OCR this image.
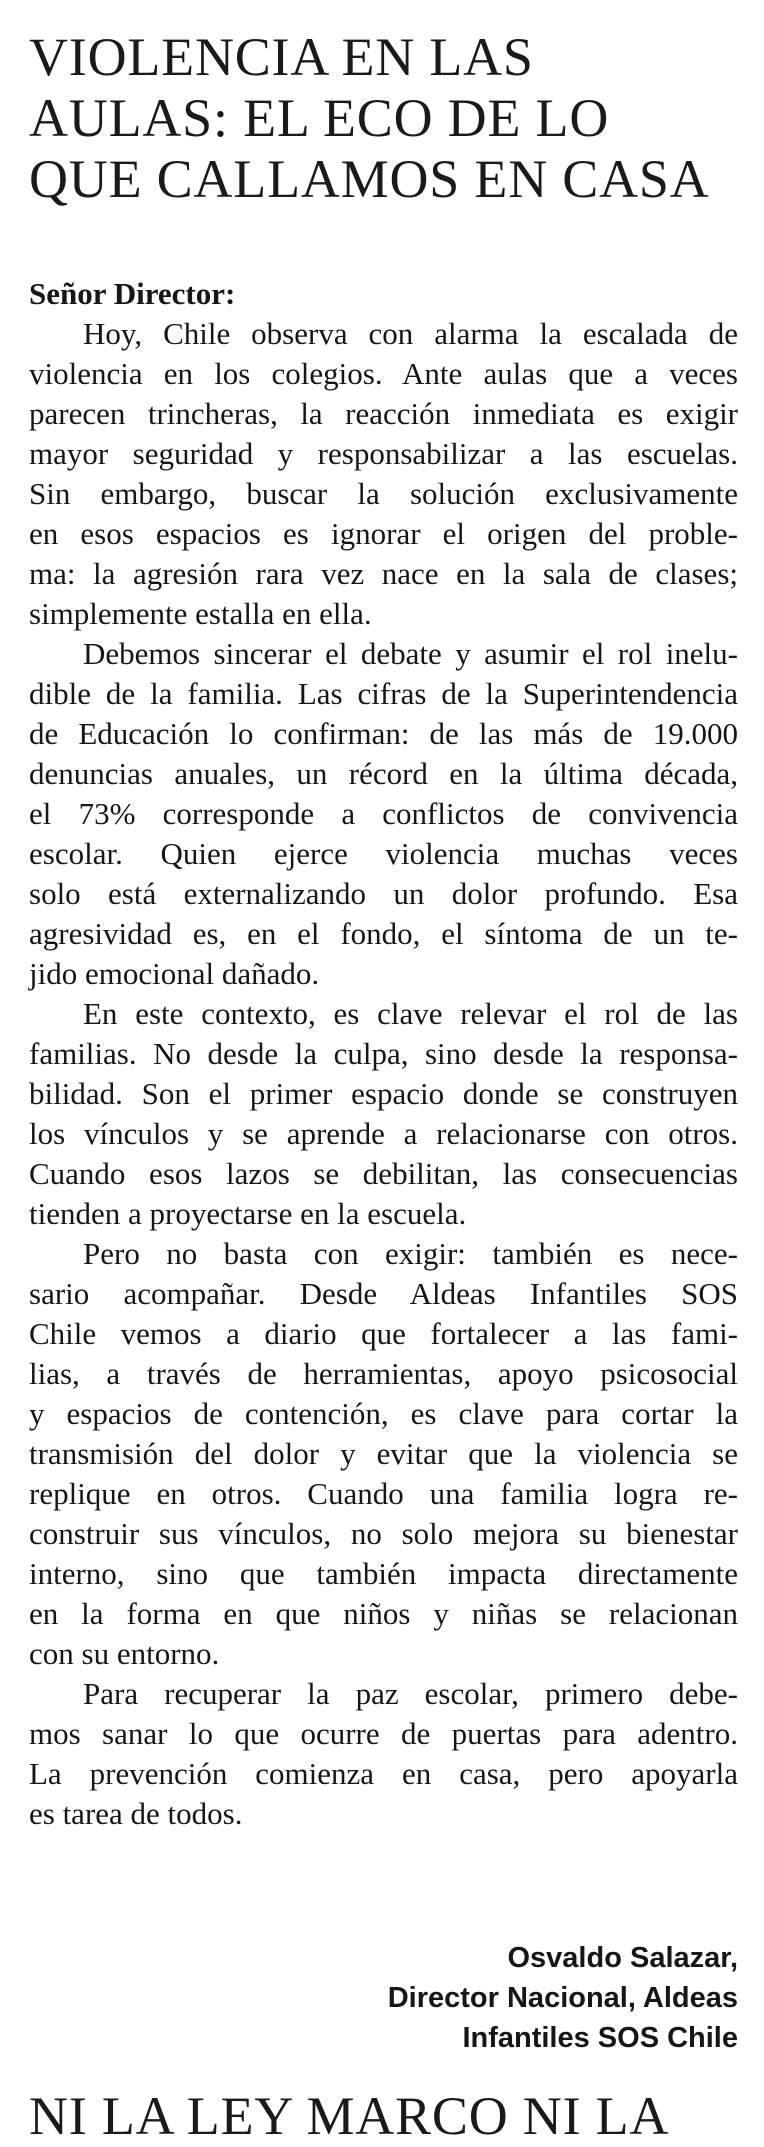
VIOLENCIA EN LAS
AULAS: EL ECO DE LO
QUE CALLAMOS EN CASA

Señor Director:

Hoy, Chile observa con alarma la escalada de
violencia en los colegios. Ante aulas que a veces
parecen trincheras, la reacción inmediata es exigir
mayor seguridad y responsabilizar a las escuelas.
Sin embargo, buscar la solución exclusivamente
en esos espacios es ignorar el origen del proble-
ma: la agresión rara vez nace en la sala de clases;
simplemente estalla en ella.
Debemos sincerar el debate y asumir el rol inelu-
dible de la familia. Las cifras de la Superintendencia
de Educación lo confirman: de las más de 19.000
denuncias anuales, un récord en la última década,
el 73% corresponde a conflictos de convivencia
escolar. Quien ejerce violencia muchas veces
solo está externalizando un dolor profundo. Esa
agresividad es, en el fondo, el síntoma de un te-
jido emocional dañado.
En este contexto, es clave relevar el rol de las
familias. No desde la culpa, sino desde la responsa-
bilidad. Son el primer espacio donde se construyen
los vínculos y se aprende a relacionarse con otros.
Cuando esos lazos se debilitan, las consecuencias
tienden a proyectarse en la escuela.
Pero no basta con exigir: también es nece-
sario acompañar. Desde Aldeas Infantiles SOS
Chile vemos a diario que fortalecer a las fami-
lias, a través de herramientas, apoyo psicosocial
y espacios de contención, es clave para cortar la
transmisión del dolor y evitar que la violencia se
replique en otros. Cuando una familia logra re-
construir sus vínculos, no solo mejora su bienestar
interno, sino que también impacta directamente
en la forma en que niños y niñas se relacionan
con su entorno.
Para recuperar la paz escolar, primero debe-
mos sanar lo que ocurre de puertas para adentro.
La prevención comienza en casa, pero apoyarla
es tarea de todos.
Osvaldo Salazar,
Director Nacional, Aldeas
Infantiles SOS Chile
NI LA LEY MARCO NI LA
